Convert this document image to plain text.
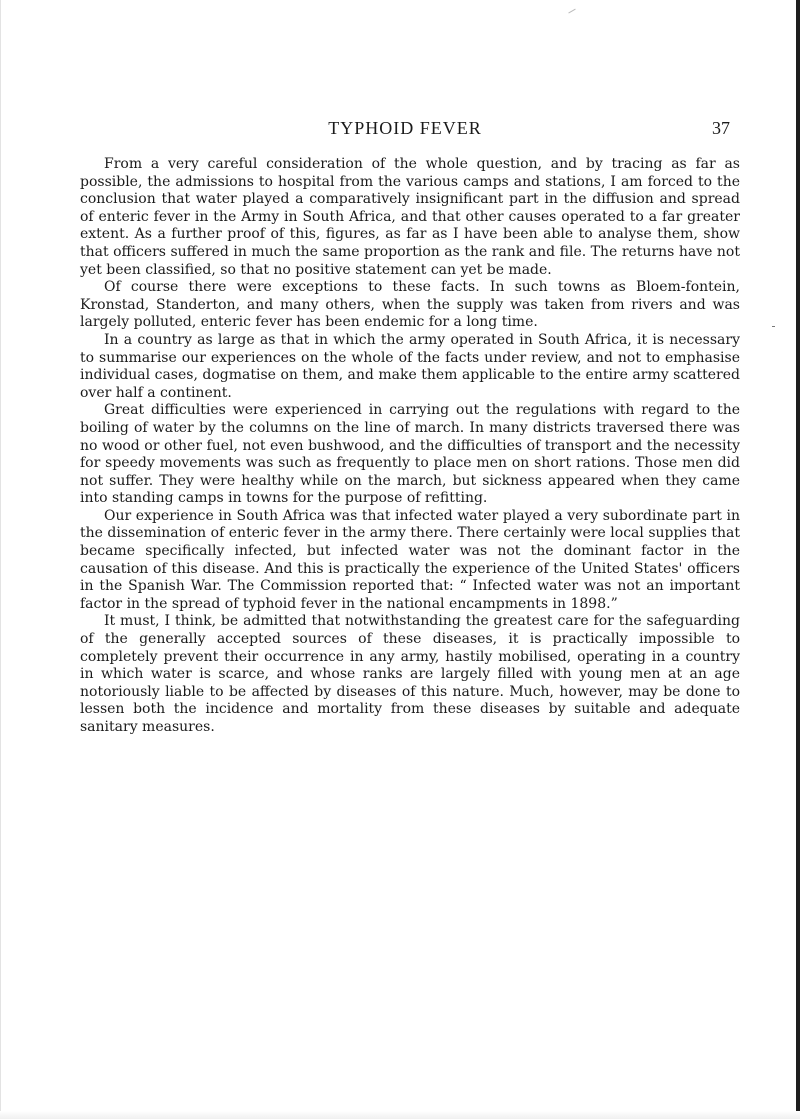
TYPHOID FEVER	37

From a very careful consideration of the whole question, and by tracing as far as possible, the admissions to hospital from the various camps and stations, I am forced to the conclusion that water played a comparatively insignificant part in the diffusion and spread of enteric fever in the Army in South Africa, and that other causes operated to a far greater extent. As a further proof of this, figures, as far as I have been able to analyse them, show that officers suffered in much the same proportion as the rank and file. The returns have not yet been classified, so that no positive statement can yet be made.

Of course there were exceptions to these facts. In such towns as Bloem-fontein, Kronstad, Standerton, and many others, when the supply was taken from rivers and was largely polluted, enteric fever has been endemic for a long time.

In a country as large as that in which the army operated in South Africa, it is necessary to summarise our experiences on the whole of the facts under review, and not to emphasise individual cases, dogmatise on them, and make them applicable to the entire army scattered over half a continent.

Great difficulties were experienced in carrying out the regulations with regard to the boiling of water by the columns on the line of march. In many districts traversed there was no wood or other fuel, not even bushwood, and the difficulties of transport and the necessity for speedy movements was such as frequently to place men on short rations. Those men did not suffer. They were healthy while on the march, but sickness appeared when they came into standing camps in towns for the purpose of refitting.

Our experience in South Africa was that infected water played a very subordinate part in the dissemination of enteric fever in the army there. There certainly were local supplies that became specifically infected, but infected water was not the dominant factor in the causation of this disease. And this is practically the experience of the United States' officers in the Spanish War. The Commission reported that: “ Infected water was not an important factor in the spread of typhoid fever in the national encampments in 1898.”

It must, I think, be admitted that notwithstanding the greatest care for the safeguarding of the generally accepted sources of these diseases, it is practically impossible to completely prevent their occurrence in any army, hastily mobilised, operating in a country in which water is scarce, and whose ranks are largely filled with young men at an age notoriously liable to be affected by diseases of this nature. Much, however, may be done to lessen both the incidence and mortality from these diseases by suitable and adequate sanitary measures.
